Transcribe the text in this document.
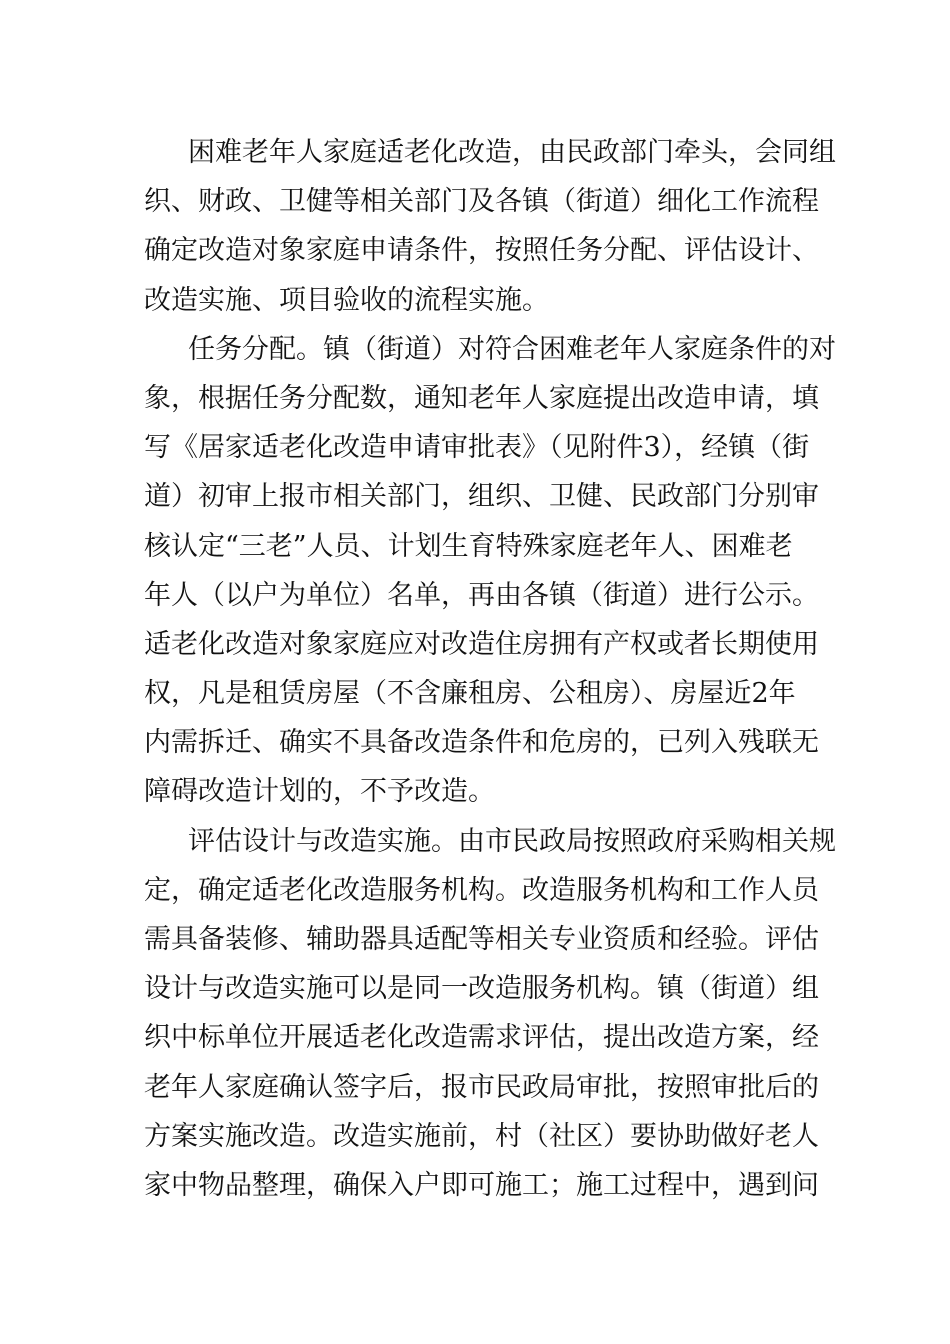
困难老年人家庭适老化改造，由民政部门牵头，会同组
织、财政、卫健等相关部门及各镇（街道）细化工作流程
确定改造对象家庭申请条件，按照任务分配、评估设计、
改造实施、项目验收的流程实施。
任务分配。镇（街道）对符合困难老年人家庭条件的对
象，根据任务分配数，通知老年人家庭提出改造申请，填
写《居家适老化改造申请审批表》（见附件3），经镇（街
道）初审上报市相关部门，组织、卫健、民政部门分别审
核认定“三老”人员、计划生育特殊家庭老年人、困难老
年人（以户为单位）名单，再由各镇（街道）进行公示。
适老化改造对象家庭应对改造住房拥有产权或者长期使用
权，凡是租赁房屋（不含廉租房、公租房）、房屋近2年
内需拆迁、确实不具备改造条件和危房的，已列入残联无
障碍改造计划的，不予改造。
评估设计与改造实施。由市民政局按照政府采购相关规
定，确定适老化改造服务机构。改造服务机构和工作人员
需具备装修、辅助器具适配等相关专业资质和经验。评估
设计与改造实施可以是同一改造服务机构。镇（街道）组
织中标单位开展适老化改造需求评估，提出改造方案，经
老年人家庭确认签字后，报市民政局审批，按照审批后的
方案实施改造。改造实施前，村（社区）要协助做好老人
家中物品整理，确保入户即可施工；施工过程中，遇到问
